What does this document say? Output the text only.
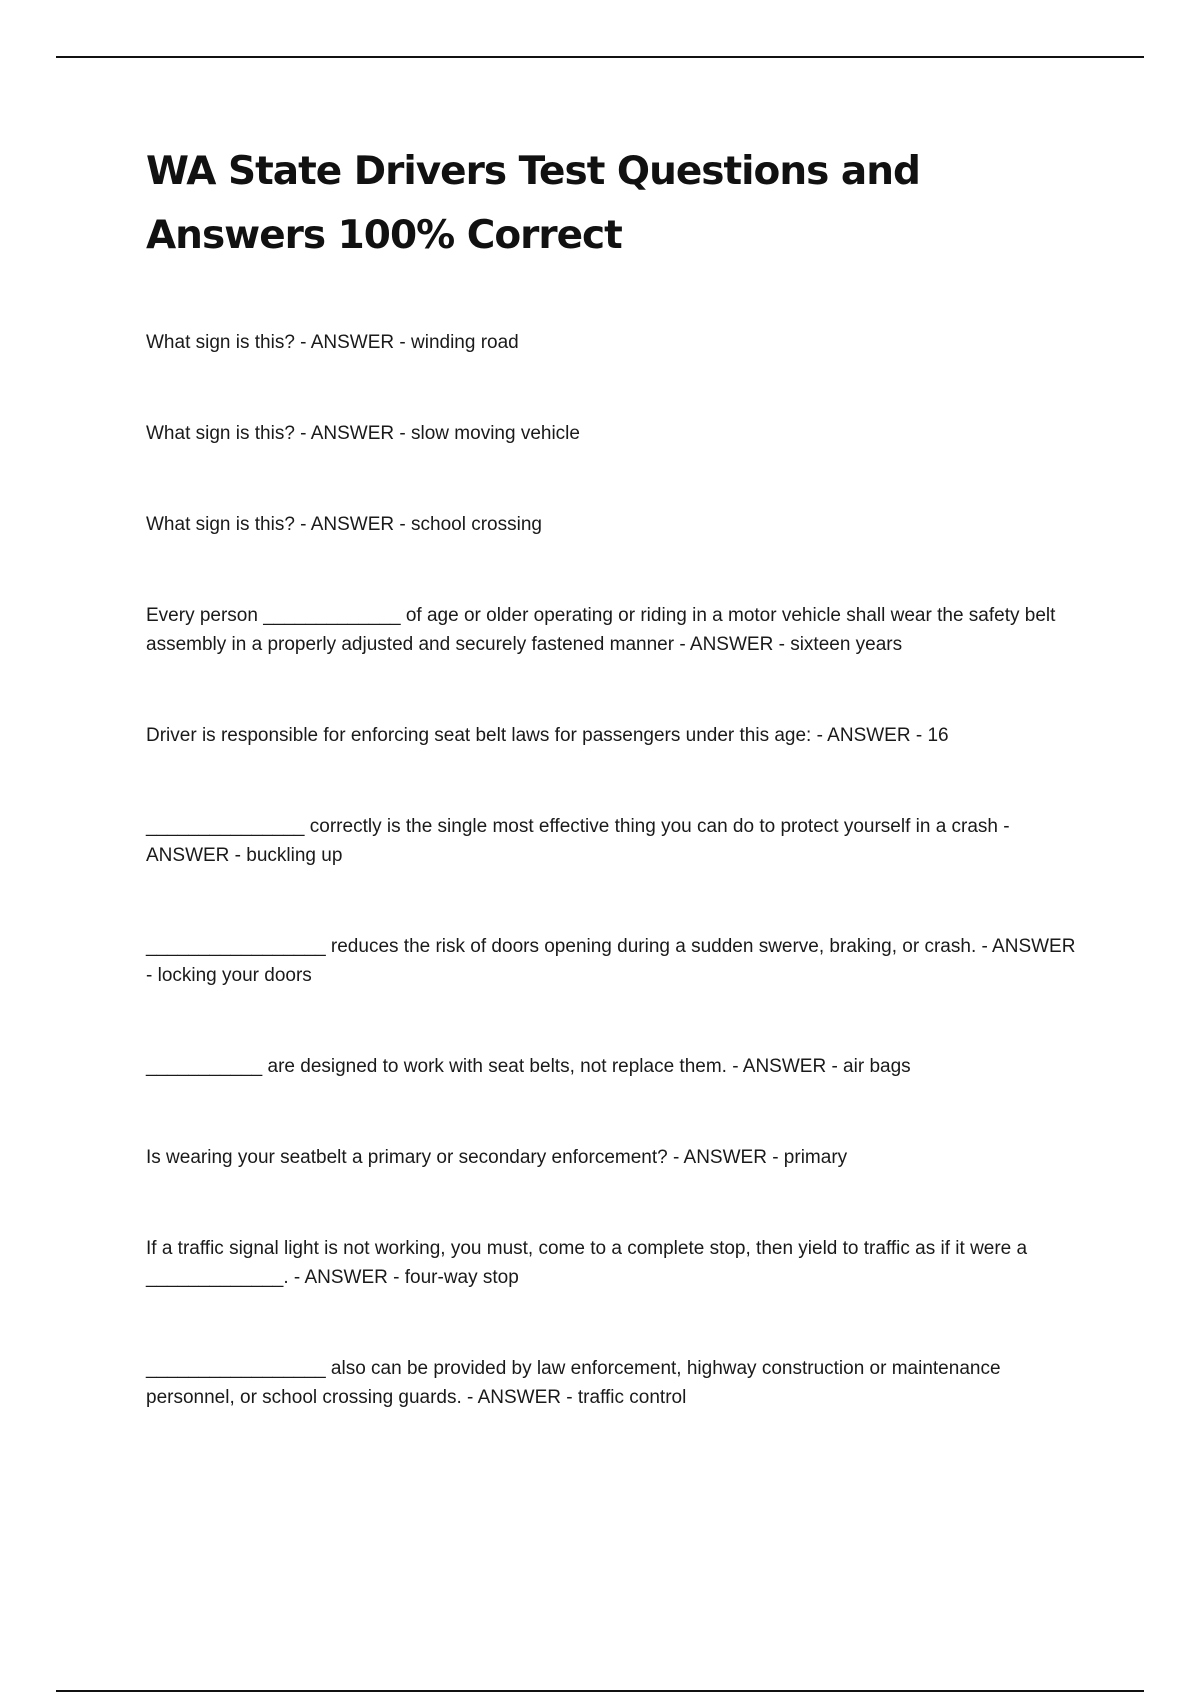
WA State Drivers Test Questions and Answers 100% Correct

What sign is this? - ANSWER - winding road

What sign is this? - ANSWER - slow moving vehicle

What sign is this? - ANSWER - school crossing

Every person _____________ of age or older operating or riding in a motor vehicle shall wear the safety belt assembly in a properly adjusted and securely fastened manner - ANSWER - sixteen years

Driver is responsible for enforcing seat belt laws for passengers under this age: - ANSWER - 16

_______________ correctly is the single most effective thing you can do to protect yourself in a crash - ANSWER - buckling up

_________________ reduces the risk of doors opening during a sudden swerve, braking, or crash. - ANSWER - locking your doors

___________ are designed to work with seat belts, not replace them. - ANSWER - air bags

Is wearing your seatbelt a primary or secondary enforcement? - ANSWER - primary

If a traffic signal light is not working, you must, come to a complete stop, then yield to traffic as if it were a _____________. - ANSWER - four-way stop

_________________ also can be provided by law enforcement, highway construction or maintenance personnel, or school crossing guards. - ANSWER - traffic control
